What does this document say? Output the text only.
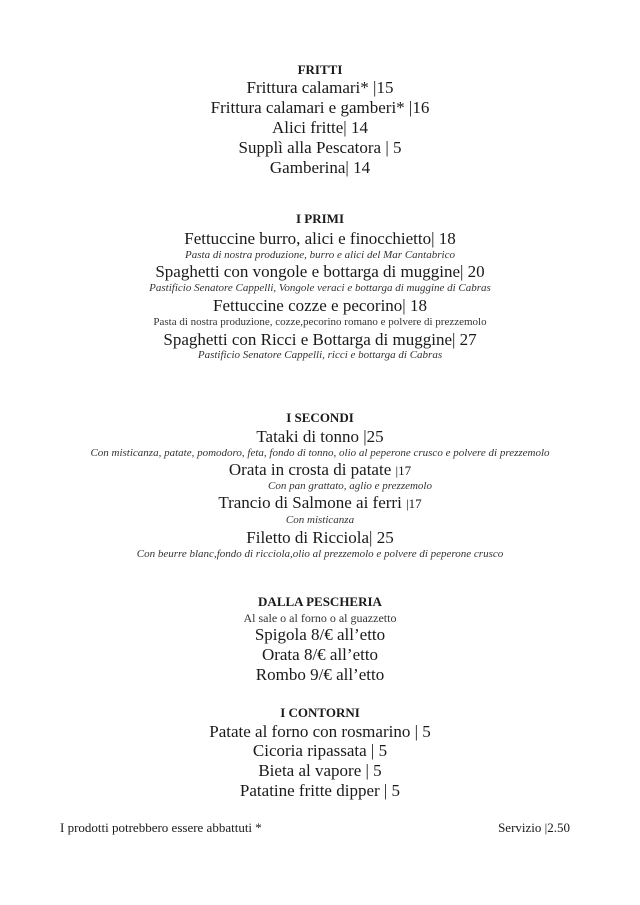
FRITTI
Frittura calamari* |15
Frittura calamari e gamberi* |16
Alici fritte| 14
Supplì alla Pescatora | 5
Gamberina| 14
I PRIMI
Fettuccine burro, alici e finocchietto| 18
Pasta di nostra produzione, burro e alici del Mar Cantabrico
Spaghetti con vongole e bottarga di muggine| 20
Pastificio Senatore Cappelli, Vongole veraci e bottarga di muggine di Cabras
Fettuccine cozze e pecorino| 18
Pasta di nostra produzione, cozze,pecorino romano e polvere di prezzemolo
Spaghetti con Ricci e Bottarga di muggine| 27
Pastificio Senatore Cappelli, ricci e bottarga di Cabras
I SECONDI
Tataki di tonno |25
Con misticanza, patate, pomodoro, feta, fondo di tonno, olio al peperone crusco e polvere di prezzemolo
Orata in crosta di patate |17
Con pan grattato, aglio e prezzemolo
Trancio di Salmone ai ferri |17
Con misticanza
Filetto di Ricciola| 25
Con beurre blanc,fondo di ricciola,olio al prezzemolo e polvere di peperone crusco
DALLA PESCHERIA
Al sale o al forno o al guazzetto
Spigola 8/€ all’etto
Orata 8/€ all’etto
Rombo 9/€ all’etto
I CONTORNI
Patate al forno con rosmarino | 5
Cicoria ripassata | 5
Bieta al vapore | 5
Patatine fritte dipper | 5
I prodotti potrebbero essere abbattuti *	Servizio |2.50
